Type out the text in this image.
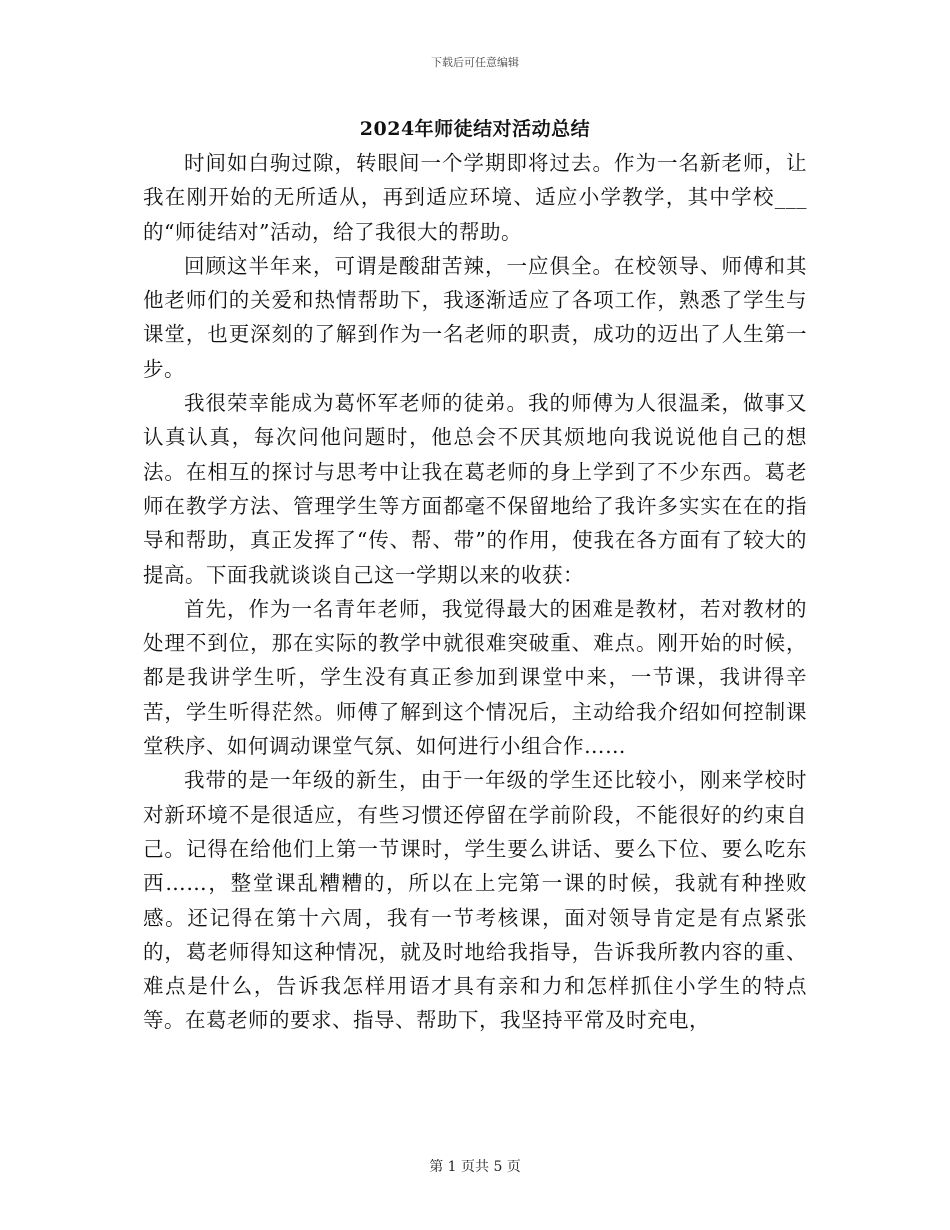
下载后可任意编辑
2024年师徒结对活动总结

时间如白驹过隙，转眼间一个学期即将过去。作为一名新老师，让我在刚开始的无所适从，再到适应环境、适应小学教学，其中学校___的“师徒结对”活动，给了我很大的帮助。

回顾这半年来，可谓是酸甜苦辣，一应俱全。在校领导、师傅和其他老师们的关爱和热情帮助下，我逐渐适应了各项工作，熟悉了学生与课堂，也更深刻的了解到作为一名老师的职责，成功的迈出了人生第一步。

我很荣幸能成为葛怀军老师的徒弟。我的师傅为人很温柔，做事又认真认真，每次问他问题时，他总会不厌其烦地向我说说他自己的想法。在相互的探讨与思考中让我在葛老师的身上学到了不少东西。葛老师在教学方法、管理学生等方面都毫不保留地给了我许多实实在在的指导和帮助，真正发挥了“传、帮、带”的作用，使我在各方面有了较大的提高。下面我就谈谈自己这一学期以来的收获：

首先，作为一名青年老师，我觉得最大的困难是教材，若对教材的处理不到位，那在实际的教学中就很难突破重、难点。刚开始的时候，都是我讲学生听，学生没有真正参加到课堂中来，一节课，我讲得辛苦，学生听得茫然。师傅了解到这个情况后，主动给我介绍如何控制课堂秩序、如何调动课堂气氛、如何进行小组合作……

我带的是一年级的新生，由于一年级的学生还比较小，刚来学校时对新环境不是很适应，有些习惯还停留在学前阶段，不能很好的约束自己。记得在给他们上第一节课时，学生要么讲话、要么下位、要么吃东西……，整堂课乱糟糟的，所以在上完第一课的时候，我就有种挫败感。还记得在第十六周，我有一节考核课，面对领导肯定是有点紧张的，葛老师得知这种情况，就及时地给我指导，告诉我所教内容的重、难点是什么，告诉我怎样用语才具有亲和力和怎样抓住小学生的特点等。在葛老师的要求、指导、帮助下，我坚持平常及时充电，

第 1 页共 5 页
